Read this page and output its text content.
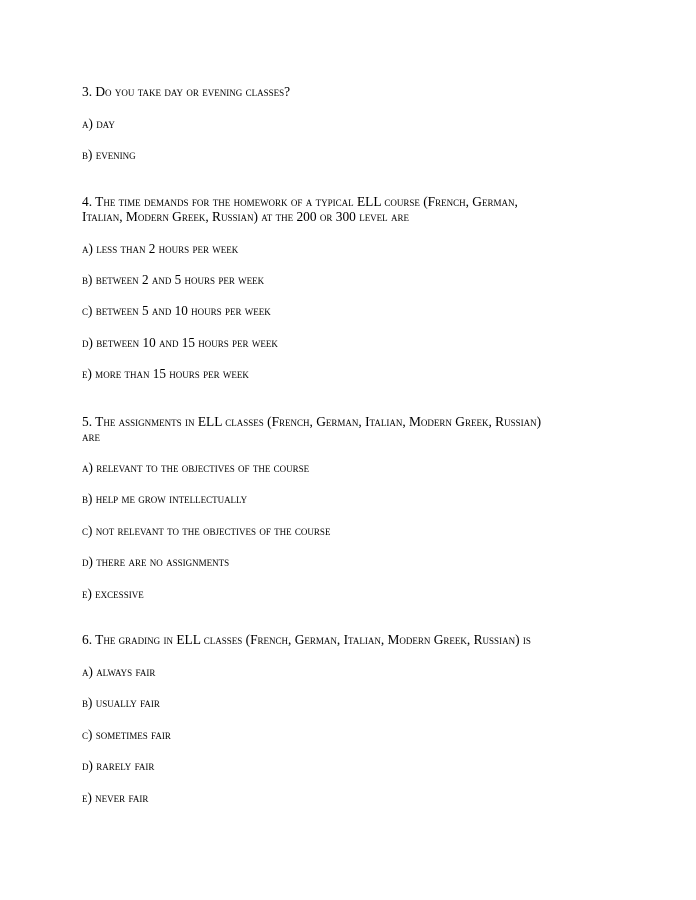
3. Do you take day or evening classes?
a) day
b) evening
4. The time demands for the homework of a typical ELL course (French, German,
Italian, Modern Greek, Russian) at the 200 or 300 level are
a) less than 2 hours per week
b) between 2 and 5 hours per week
c) between 5 and 10 hours per week
d) between 10 and 15 hours per week
e) more than 15 hours per week
5. The assignments in ELL classes (French, German, Italian, Modern Greek, Russian)
are
a) relevant to the objectives of the course
b) help me grow intellectually
c) not relevant to the objectives of the course
d) there are no assignments
e) excessive
6. The grading in ELL classes (French, German, Italian, Modern Greek, Russian) is
a) always fair
b) usually fair
c) sometimes fair
d) rarely fair
e) never fair
